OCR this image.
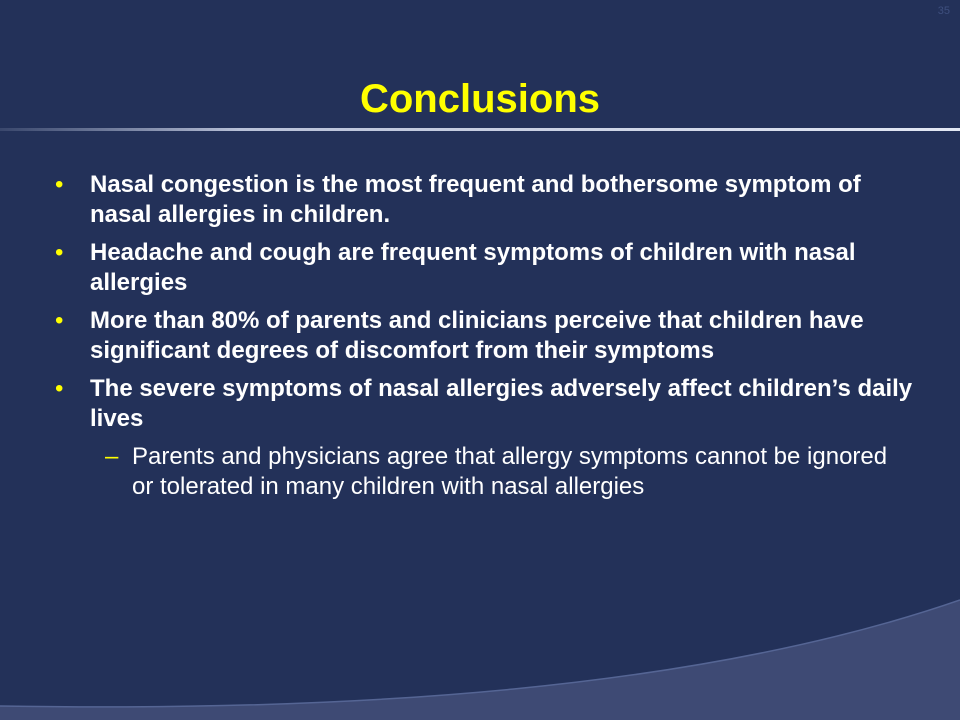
35
Conclusions
• Nasal congestion is the most frequent and bothersome symptom of nasal allergies in children.
• Headache and cough are frequent symptoms of children with nasal allergies
• More than 80% of parents and clinicians perceive that children have significant degrees of discomfort from their symptoms
• The severe symptoms of nasal allergies adversely affect children’s daily lives
– Parents and physicians agree that allergy symptoms cannot be ignored or tolerated in many children with nasal allergies
